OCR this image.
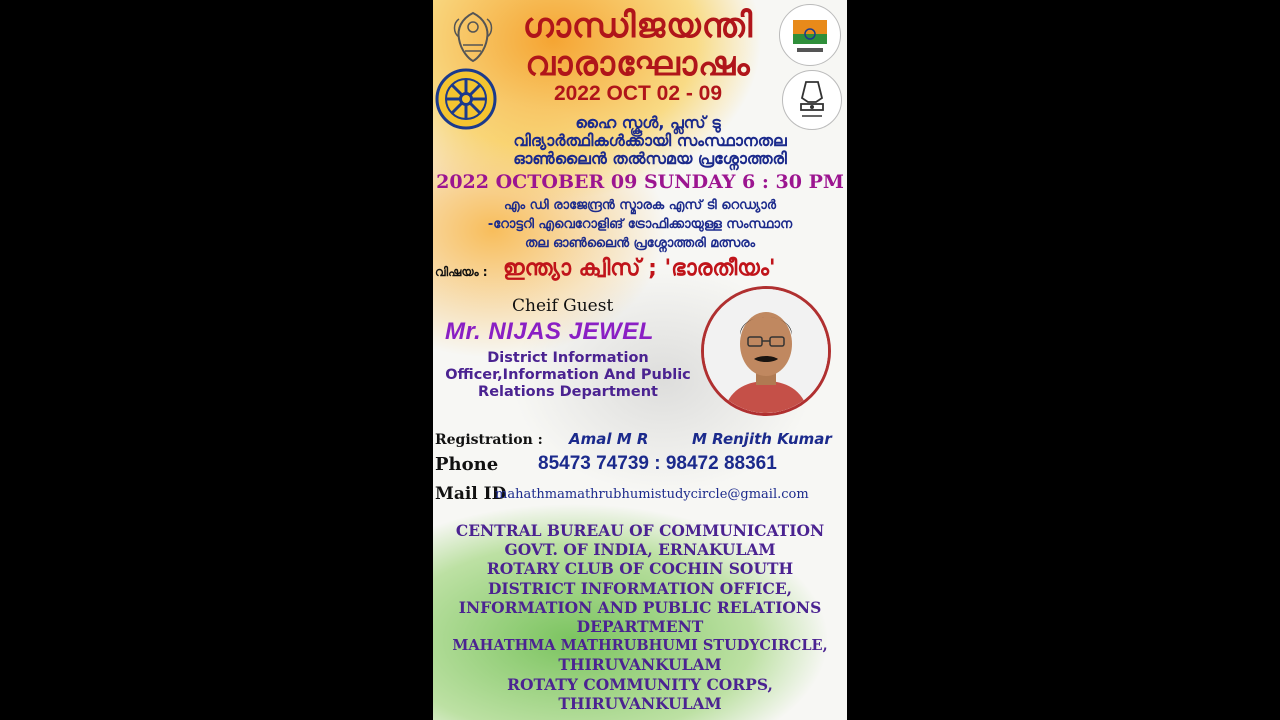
ഗാന്ധിജയന്തി
വാരാഘോഷം
2022 OCT 02 - 09
ഹൈ സ്കൂൾ, പ്ലസ് ടു
വിദ്യാർത്ഥികൾക്കായി സംസ്ഥാനതല
ഓൺലൈൻ തൽസമയ പ്രശ്നോത്തരി
2022 OCTOBER 09 SUNDAY 6 : 30 PM
എം ഡി രാജേന്ദ്രൻ സ്മാരക എസ് ടി റെഡ്യാർ
-റോട്ടറി എവെറോളിങ് ട്രോഫിക്കായുള്ള സംസ്ഥാന
തല ഓൺലൈൻ പ്രശ്നോത്തരി മത്സരം
വിഷയം : ഇന്ത്യാ ക്വിസ് ; 'ഭാരതീയം'
Cheif Guest
Mr. NIJAS JEWEL
District Information
Officer,Information And Public
Relations Department
Registration : Amal M R	M Renjith Kumar
Phone 85473 74739 : 98472 88361
Mail ID
mahathmamathrubhumistudycircle@gmail.com
CENTRAL BUREAU OF COMMUNICATION
GOVT. OF INDIA, ERNAKULAM
ROTARY CLUB OF COCHIN SOUTH
DISTRICT INFORMATION OFFICE,
INFORMATION AND PUBLIC RELATIONS
DEPARTMENT
MAHATHMA MATHRUBHUMI STUDYCIRCLE,
THIRUVANKULAM
ROTATY COMMUNITY CORPS,
THIRUVANKULAM
